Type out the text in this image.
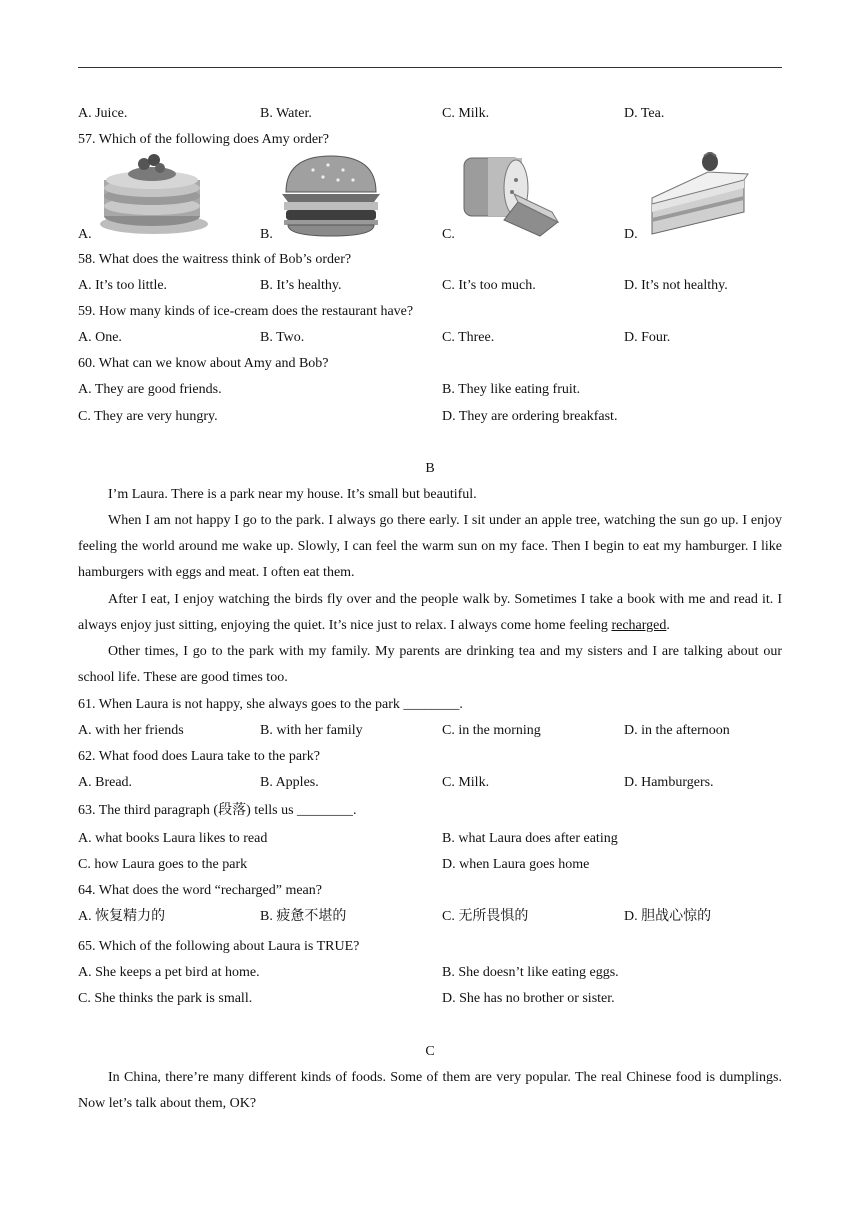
A. Juice.	B. Water.	C. Milk.	D. Tea.
57. Which of the following does Amy order?
A.	B.	C.	D.
58. What does the waitress think of Bob’s order?
A. It’s too little.	B. It’s healthy.	C. It’s too much.	D. It’s not healthy.
59. How many kinds of ice-cream does the restaurant have?
A. One.	B. Two.	C. Three.	D. Four.
60. What can we know about Amy and Bob?
A. They are good friends.	B. They like eating fruit.
C. They are very hungry.	D. They are ordering breakfast.
B
I’m Laura. There is a park near my house. It’s small but beautiful.
When I am not happy I go to the park. I always go there early. I sit under an apple tree, watching the sun go up. I enjoy feeling the world around me wake up. Slowly, I can feel the warm sun on my face. Then I begin to eat my hamburger. I like hamburgers with eggs and meat. I often eat them.
After I eat, I enjoy watching the birds fly over and the people walk by. Sometimes I take a book with me and read it. I always enjoy just sitting, enjoying the quiet. It’s nice just to relax. I always come home feeling recharged.
Other times, I go to the park with my family. My parents are drinking tea and my sisters and I are talking about our school life. These are good times too.
61. When Laura is not happy, she always goes to the park ________.
A. with her friends	B. with her family	C. in the morning	D. in the afternoon
62. What food does Laura take to the park?
A. Bread.	B. Apples.	C. Milk.	D. Hamburgers.
63. The third paragraph (段落) tells us ________.
A. what books Laura likes to read	B. what Laura does after eating
C. how Laura goes to the park	D. when Laura goes home
64. What does the word “recharged” mean?
A. 恢复精力的	B. 疲惫不堪的	C. 无所畏惧的	D. 胆战心惊的
65. Which of the following about Laura is TRUE?
A. She keeps a pet bird at home.	B. She doesn’t like eating eggs.
C. She thinks the park is small.	D. She has no brother or sister.
C
In China, there’re many different kinds of foods. Some of them are very popular. The real Chinese food is dumplings. Now let’s talk about them, OK?
